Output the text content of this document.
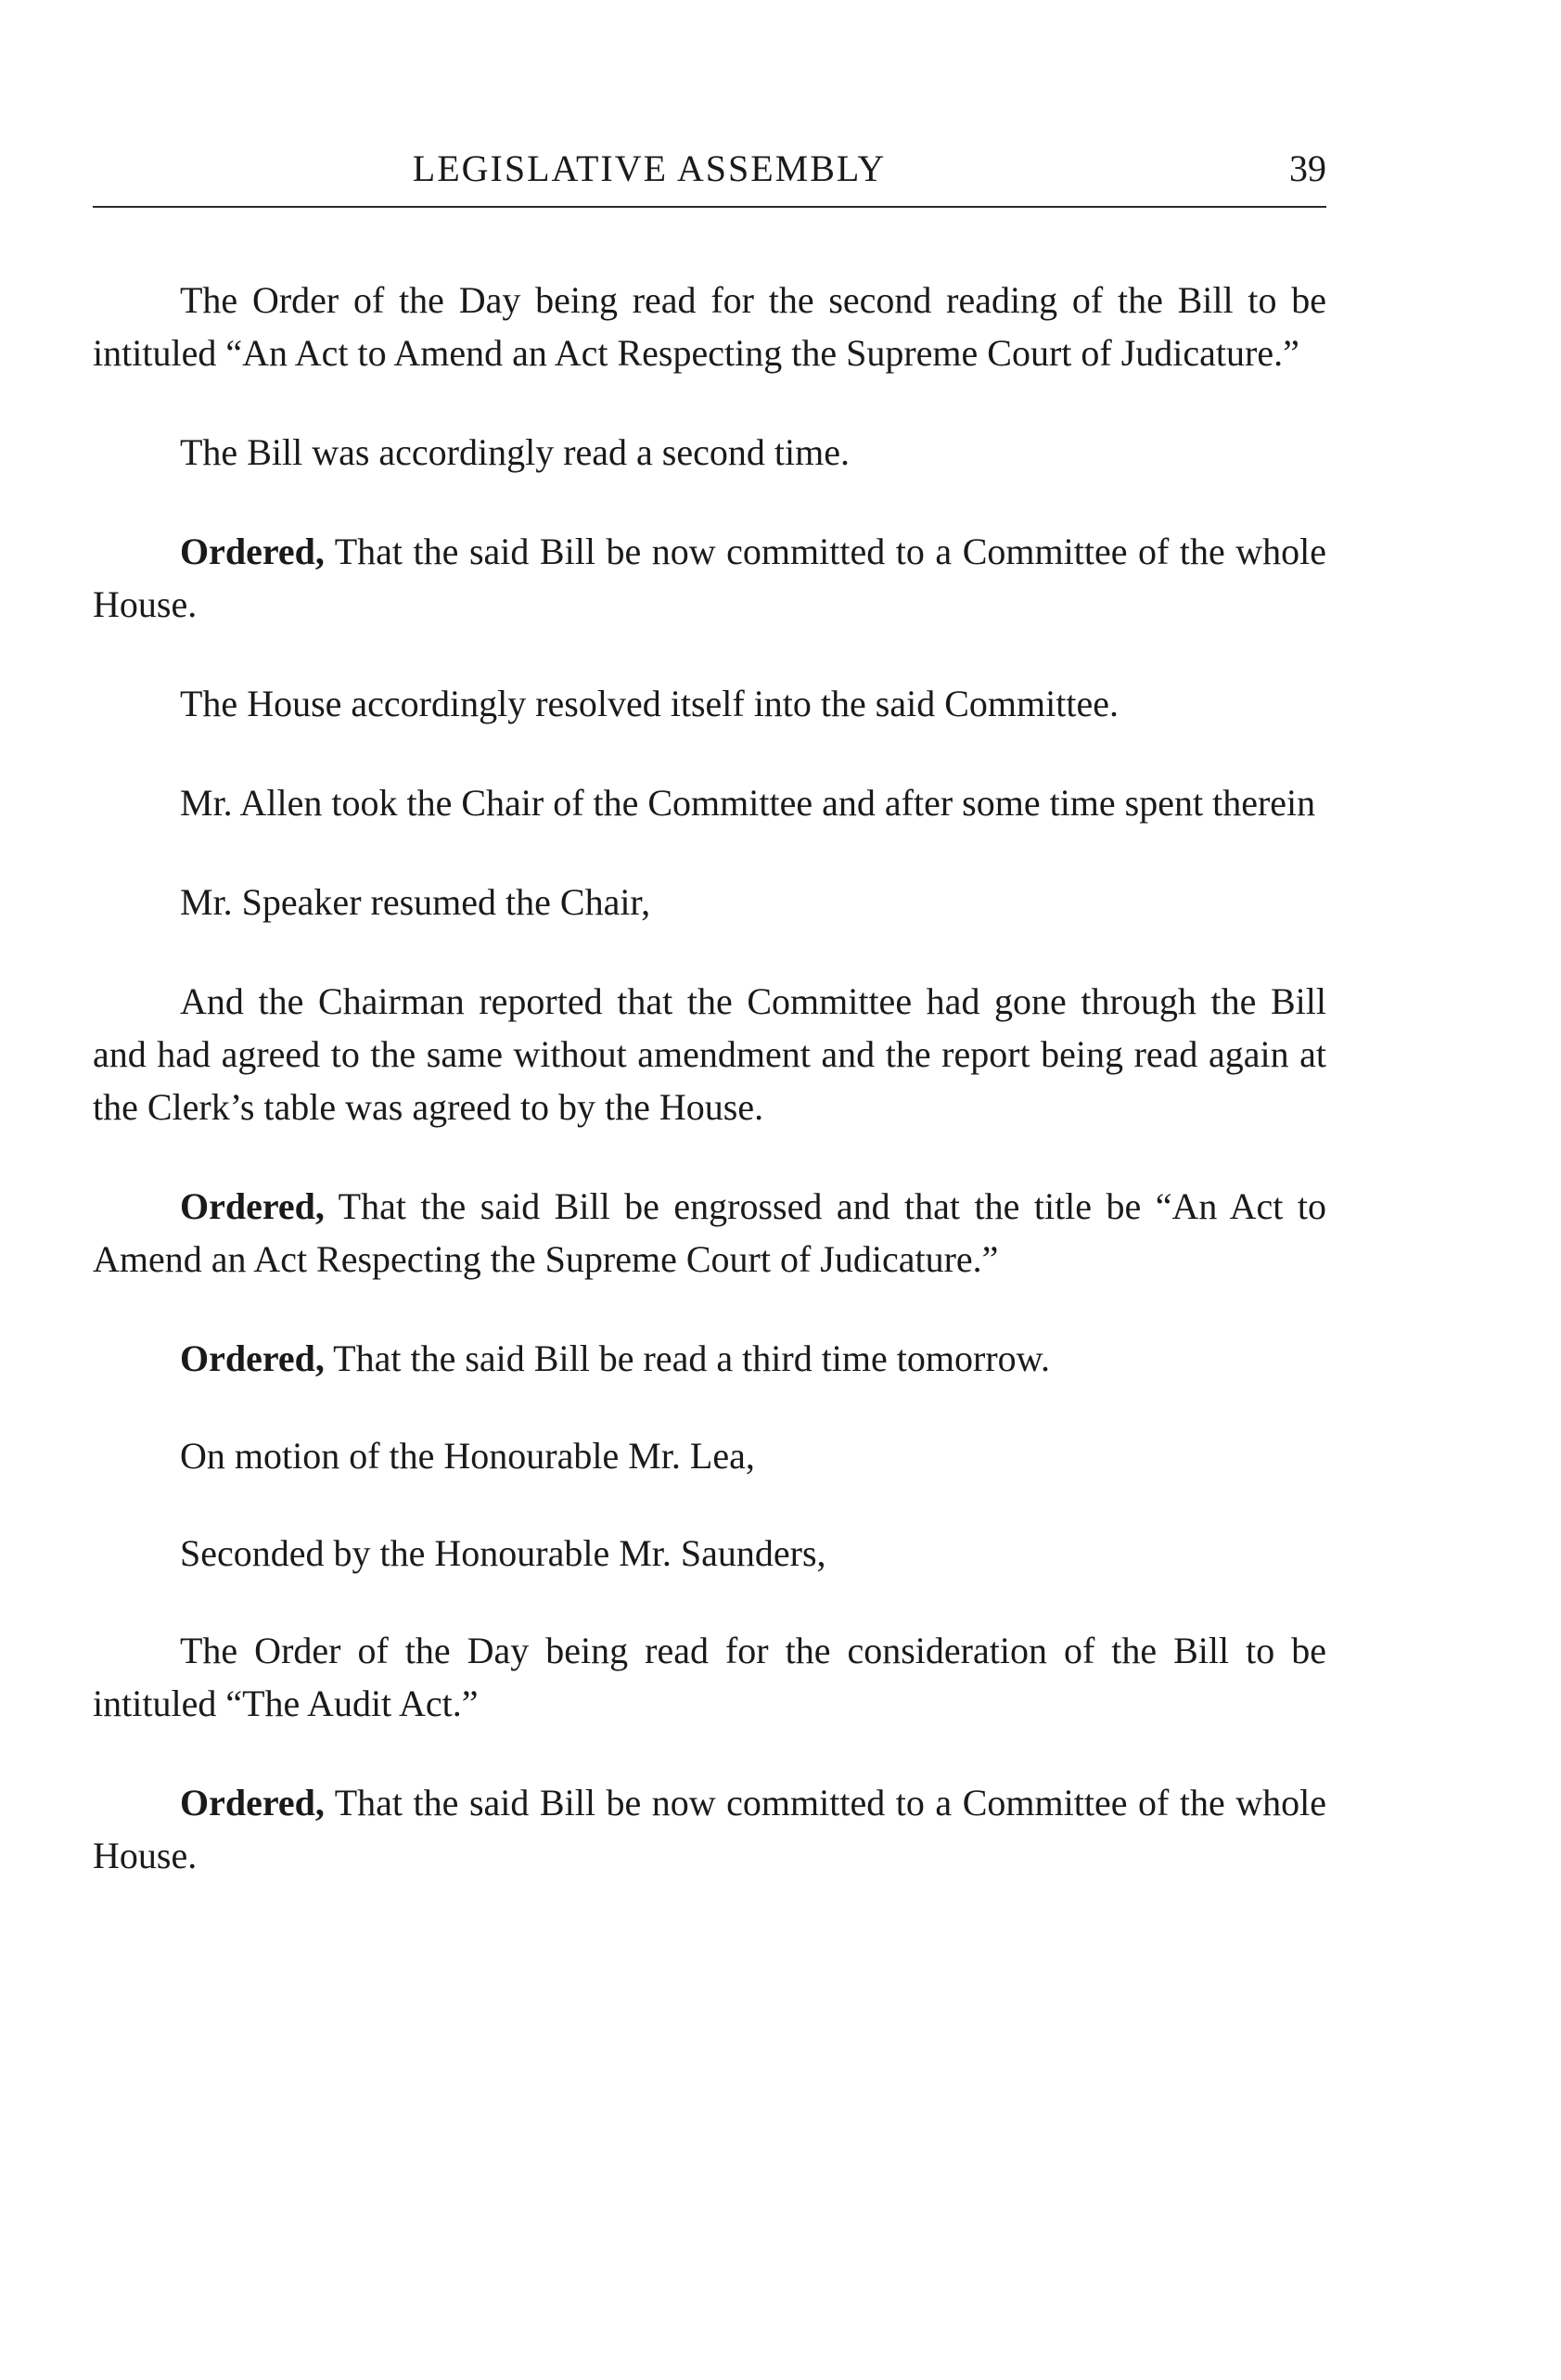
LEGISLATIVE ASSEMBLY	39

The Order of the Day being read for the second reading of the Bill to be intituled “An Act to Amend an Act Respecting the Supreme Court of Judicature.”

The Bill was accordingly read a second time.

Ordered, That the said Bill be now committed to a Committee of the whole House.

The House accordingly resolved itself into the said Committee.

Mr. Allen took the Chair of the Committee and after some time spent therein

Mr. Speaker resumed the Chair,

And the Chairman reported that the Committee had gone through the Bill and had agreed to the same without amendment and the report being read again at the Clerk’s table was agreed to by the House.

Ordered, That the said Bill be engrossed and that the title be “An Act to Amend an Act Respecting the Supreme Court of Judicature.”

Ordered, That the said Bill be read a third time tomorrow.

On motion of the Honourable Mr. Lea,

Seconded by the Honourable Mr. Saunders,

The Order of the Day being read for the consideration of the Bill to be intituled “The Audit Act.”

Ordered, That the said Bill be now committed to a Committee of the whole House.
